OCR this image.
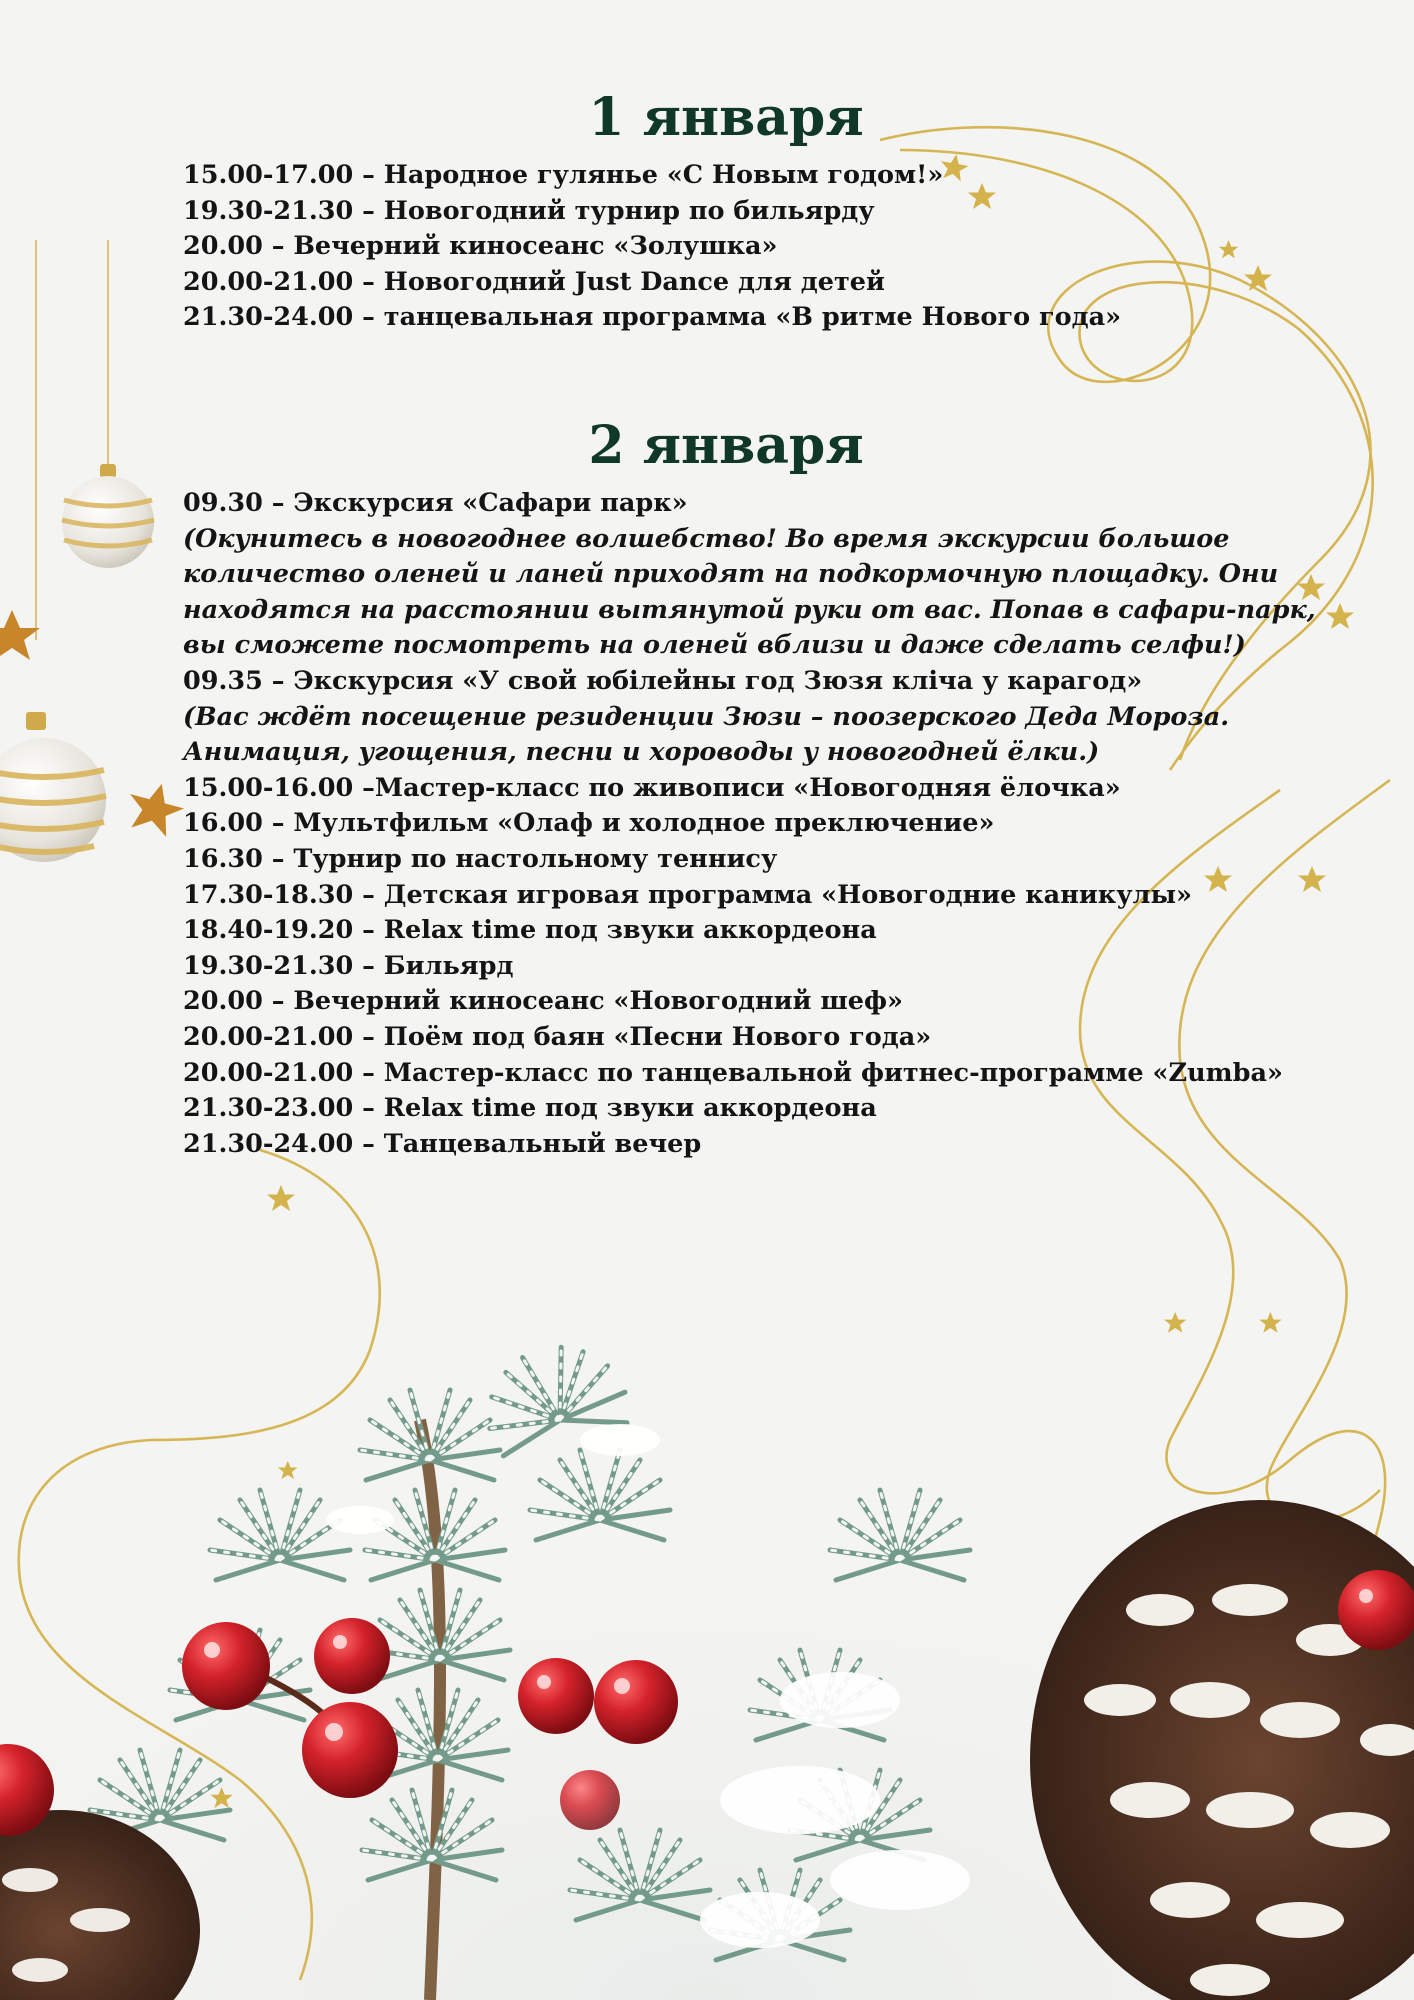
1 января
15.00-17.00 – Народное гулянье «С Новым годом!»
19.30-21.30 – Новогодний турнир по бильярду
20.00 – Вечерний киносеанс «Золушка»
20.00-21.00 – Новогодний Just Dance для детей
21.30-24.00 – танцевальная программа «В ритме Нового года»
2 января
09.30 – Экскурсия «Сафари парк»
(Окунитесь в новогоднее волшебство! Во время экскурсии большое
количество оленей и ланей приходят на подкормочную площадку. Они
находятся на расстоянии вытянутой руки от вас. Попав в сафари-парк,
вы сможете посмотреть на оленей вблизи и даже сделать селфи!)
09.35 – Экскурсия «У свой юбілейны год Зюзя кліча у карагод»
(Вас ждёт посещение резиденции Зюзи – поозерского Деда Мороза.
Анимация, угощения, песни и хороводы у новогодней ёлки.)
15.00-16.00 –Мастер-класс по живописи «Новогодняя ёлочка»
16.00 – Мультфильм «Олаф и холодное преключение»
16.30 – Турнир по настольному теннису
17.30-18.30 – Детская игровая программа «Новогодние каникулы»
18.40-19.20 – Relax time под звуки аккордеона
19.30-21.30 – Бильярд
20.00 – Вечерний киносеанс «Новогодний шеф»
20.00-21.00 – Поём под баян «Песни Нового года»
20.00-21.00 – Мастер-класс по танцевальной фитнес-программе «Zumba»
21.30-23.00 – Relax time под звуки аккордеона
21.30-24.00 – Танцевальный вечер
